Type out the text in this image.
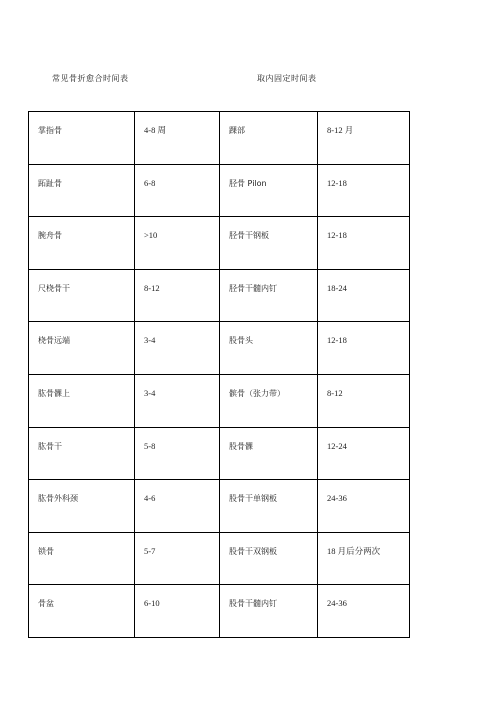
常见骨折愈合时间表	取内固定时间表
掌指骨	4-8 周	踝部	8-12 月
跖趾骨	6-8	胫骨 Pilon	12-18
腕舟骨	>10	胫骨干钢板	12-18
尺桡骨干	8-12	胫骨干髓内钉	18-24
桡骨远端	3-4	股骨头	12-18
肱骨髁上	3-4	髌骨（张力带）	8-12
肱骨干	5-8	股骨髁	12-24
肱骨外科颈	4-6	股骨干单钢板	24-36
锁骨	5-7	股骨干双钢板	18 月后分两次
骨盆	6-10	股骨干髓内钉	24-36
